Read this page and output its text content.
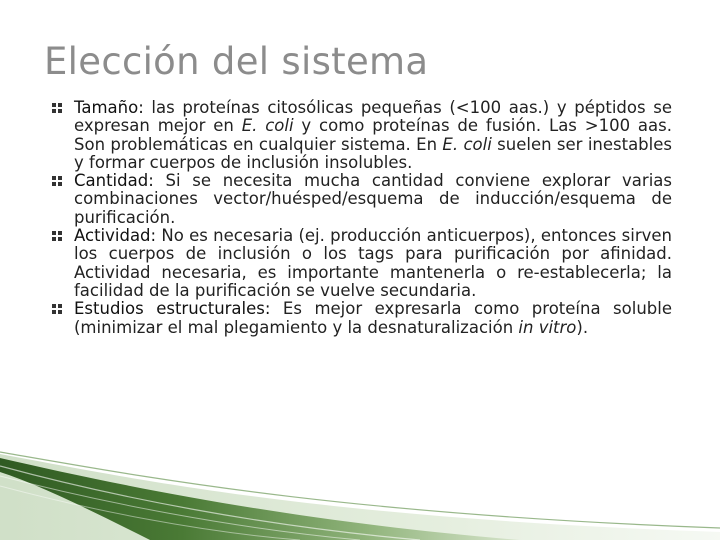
Elección del sistema
Tamaño: las proteínas citosólicas pequeñas (<100 aas.) y péptidos se expresan mejor en E. coli y como proteínas de fusión. Las >100 aas. Son problemáticas en cualquier sistema. En E. coli suelen ser inestables y formar cuerpos de inclusión insolubles.
Cantidad: Si se necesita mucha cantidad conviene explorar varias combinaciones vector/huésped/esquema de inducción/esquema de purificación.
Actividad: No es necesaria (ej. producción anticuerpos), entonces sirven los cuerpos de inclusión o los tags para purificación por afinidad. Actividad necesaria, es importante mantenerla o re-establecerla; la facilidad de la purificación se vuelve secundaria.
Estudios estructurales: Es mejor expresarla como proteína soluble (minimizar el mal plegamiento y la desnaturalización in vitro).
